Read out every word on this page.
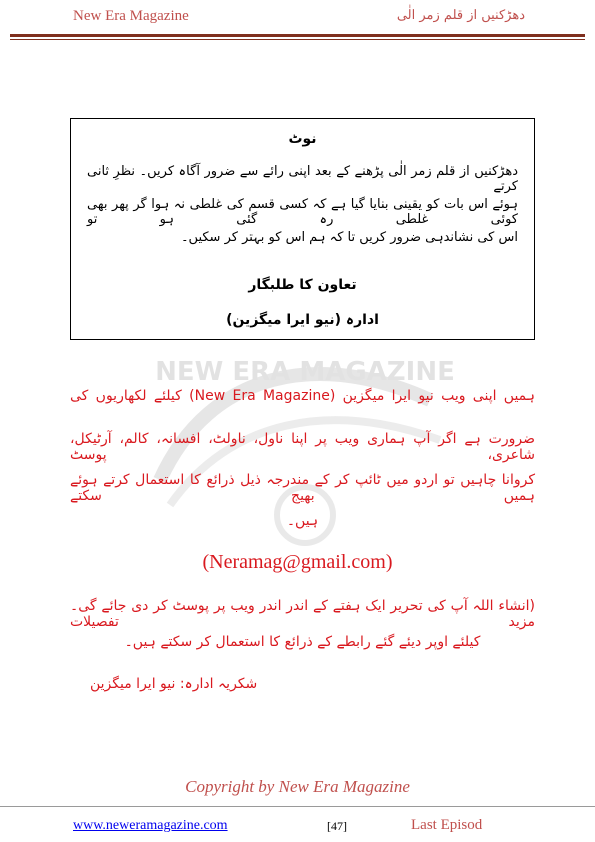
New Era Magazine	دھڑکنیں از قلم زمر الٰی
نوٹ
دھڑکنیں از قلم زمر الٰی پڑھنے کے بعد اپنی رائے سے ضرور آگاہ کریں۔ نظرِ ثانی کرتے
ہوئے اس بات کو یقینی بنایا گیا ہے کہ کسی قسم کی غلطی نہ ہوا گر پھر بھی کوئی غلطی رہ گئی ہو تو
اس کی نشاندہی ضرور کریں تا کہ ہم اس کو بہتر کر سکیں۔
تعاون کا طلبگار
ادارہ (نیو ایرا میگزین)
NEW ERA MAGAZINE
ہمیں اپنی ویب نیو ایرا میگزین (New Era Magazine) کیلئے لکھاریوں کی
ضرورت ہے اگر آپ ہماری ویب پر اپنا ناول، ناولٹ، افسانہ، کالم، آرٹیکل، شاعری، پوسٹ
کروانا چاہیں تو اردو میں ٹائپ کر کے مندرجہ ذیل ذرائع کا استعمال کرتے ہوئے ہمیں بھیج سکتے
ہیں۔
(Neramag@gmail.com)
(انشاء اللہ آپ کی تحریر ایک ہفتے کے اندر اندر ویب پر پوسٹ کر دی جائے گی۔ مزید تفصیلات
کیلئے اوپر دیئے گئے رابطے کے ذرائع کا استعمال کر سکتے ہیں۔
شکریہ ادارہ: نیو ایرا میگزین
Copyright by New Era Magazine
www.neweramagazine.com	[47]	Last Episod
